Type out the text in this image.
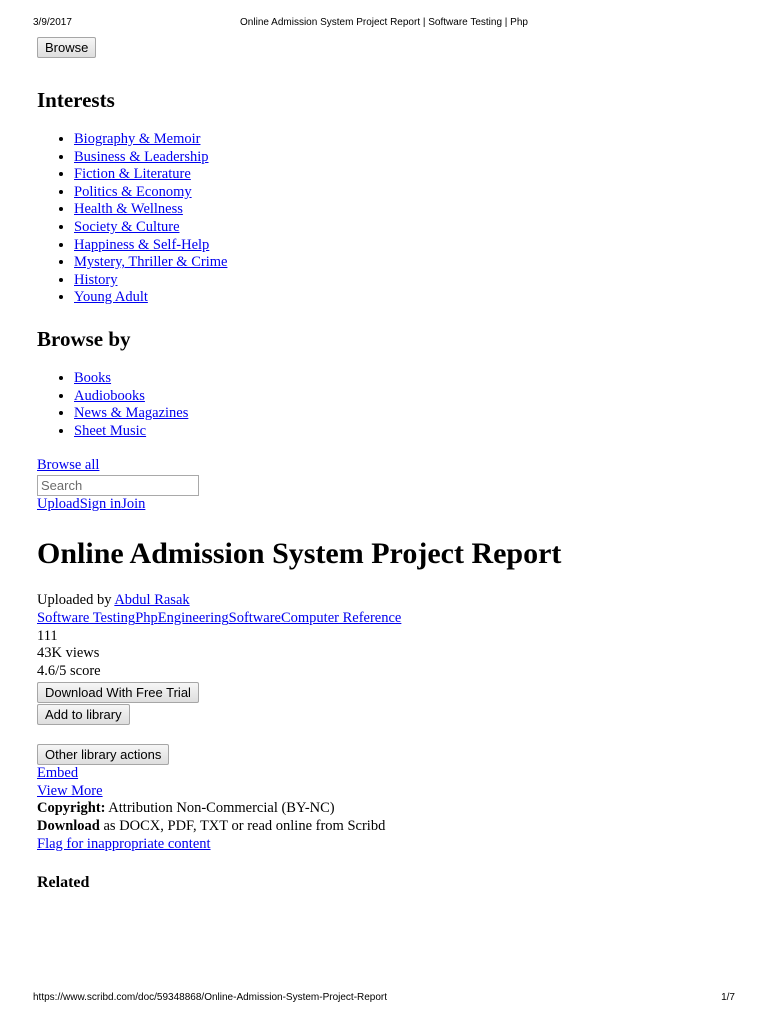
3/9/2017	Online Admission System Project Report | Software Testing | Php
Browse
Interests
• Biography & Memoir
• Business & Leadership
• Fiction & Literature
• Politics & Economy
• Health & Wellness
• Society & Culture
• Happiness & Self-Help
• Mystery, Thriller & Crime
• History
• Young Adult
Browse by
• Books
• Audiobooks
• News & Magazines
• Sheet Music
Browse all
Search
UploadSign inJoin
Online Admission System Project Report
Uploaded by Abdul Rasak
Software TestingPhpEngineeringSoftwareComputer Reference
111
43K views
4.6/5 score
Download With Free Trial
Add to library
Other library actions
Embed
View More
Copyright: Attribution Non-Commercial (BY-NC)
Download as DOCX, PDF, TXT or read online from Scribd
Flag for inappropriate content
Related
https://www.scribd.com/doc/59348868/Online-Admission-System-Project-Report	1/7
